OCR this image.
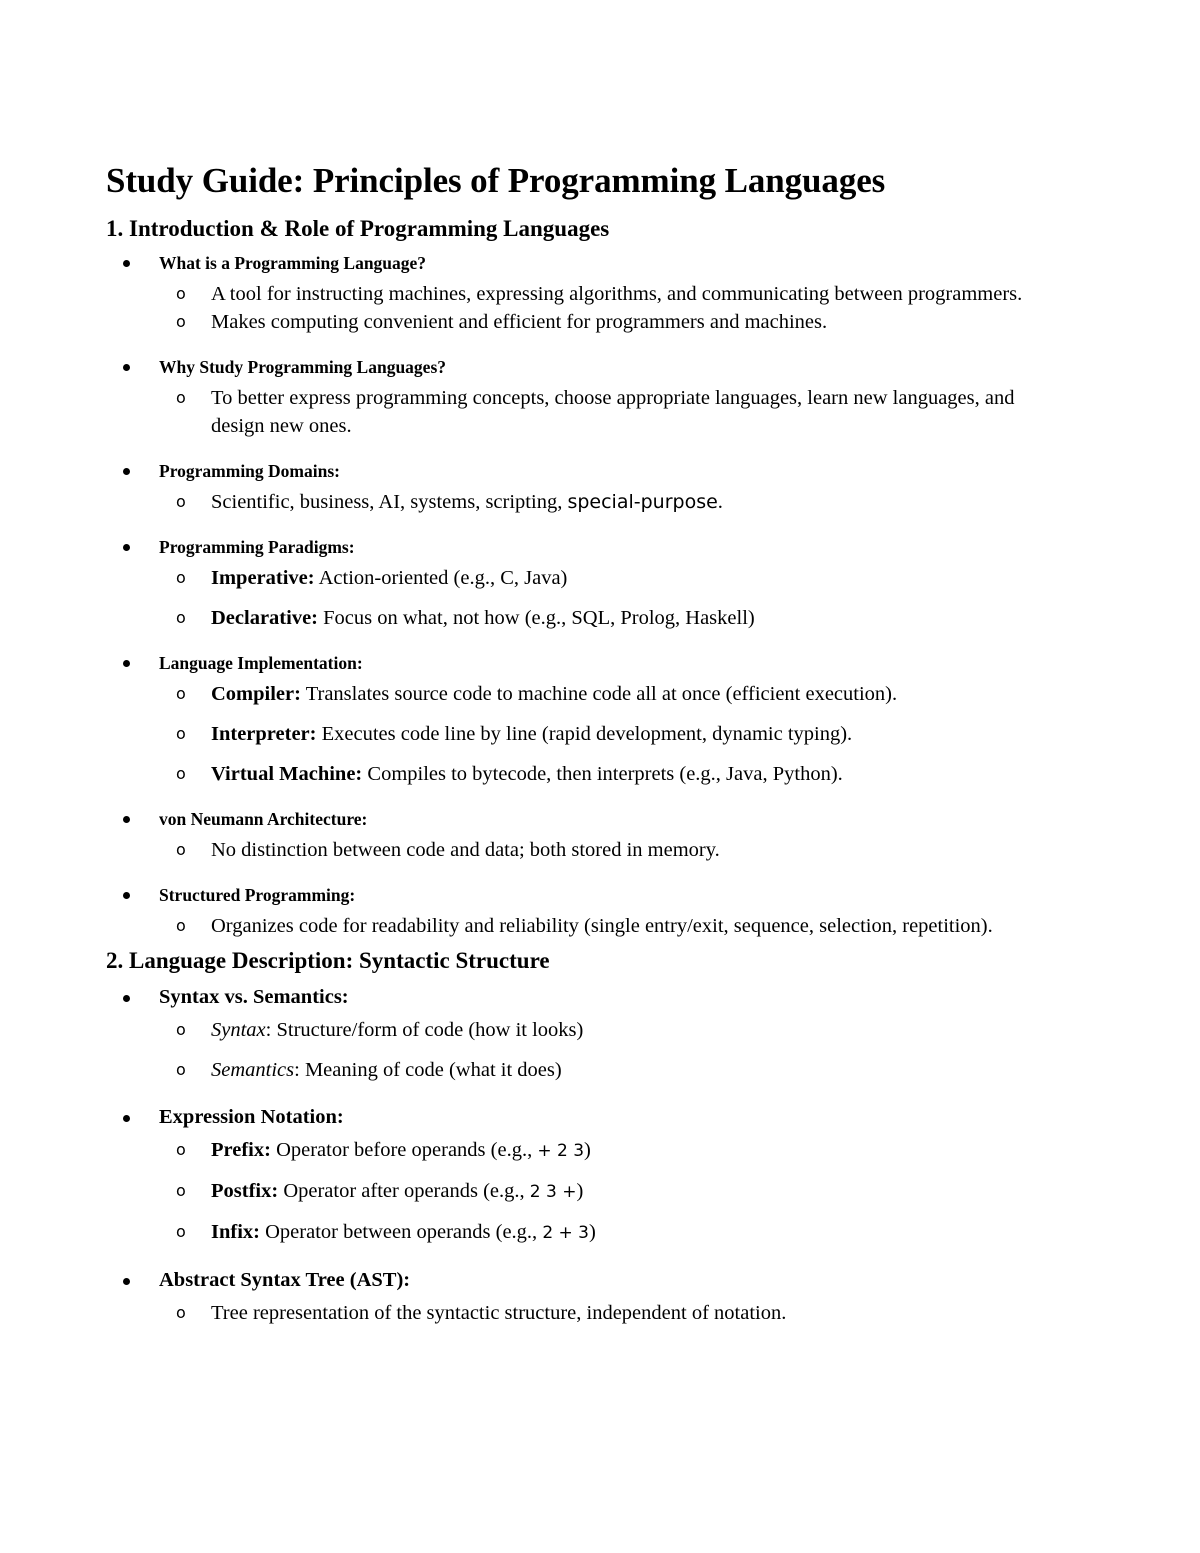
Study Guide: Principles of Programming Languages
1. Introduction & Role of Programming Languages
What is a Programming Language?
o A tool for instructing machines, expressing algorithms, and communicating between programmers.
o Makes computing convenient and efficient for programmers and machines.
Why Study Programming Languages?
o To better express programming concepts, choose appropriate languages, learn new languages, and design new ones.
Programming Domains:
o Scientific, business, AI, systems, scripting, special-purpose.
Programming Paradigms:
o Imperative: Action-oriented (e.g., C, Java)
o Declarative: Focus on what, not how (e.g., SQL, Prolog, Haskell)
Language Implementation:
o Compiler: Translates source code to machine code all at once (efficient execution).
o Interpreter: Executes code line by line (rapid development, dynamic typing).
o Virtual Machine: Compiles to bytecode, then interprets (e.g., Java, Python).
von Neumann Architecture:
o No distinction between code and data; both stored in memory.
Structured Programming:
o Organizes code for readability and reliability (single entry/exit, sequence, selection, repetition).
2. Language Description: Syntactic Structure
Syntax vs. Semantics:
o Syntax: Structure/form of code (how it looks)
o Semantics: Meaning of code (what it does)
Expression Notation:
o Prefix: Operator before operands (e.g., + 2 3)
o Postfix: Operator after operands (e.g., 2 3 +)
o Infix: Operator between operands (e.g., 2 + 3)
Abstract Syntax Tree (AST):
o Tree representation of the syntactic structure, independent of notation.
